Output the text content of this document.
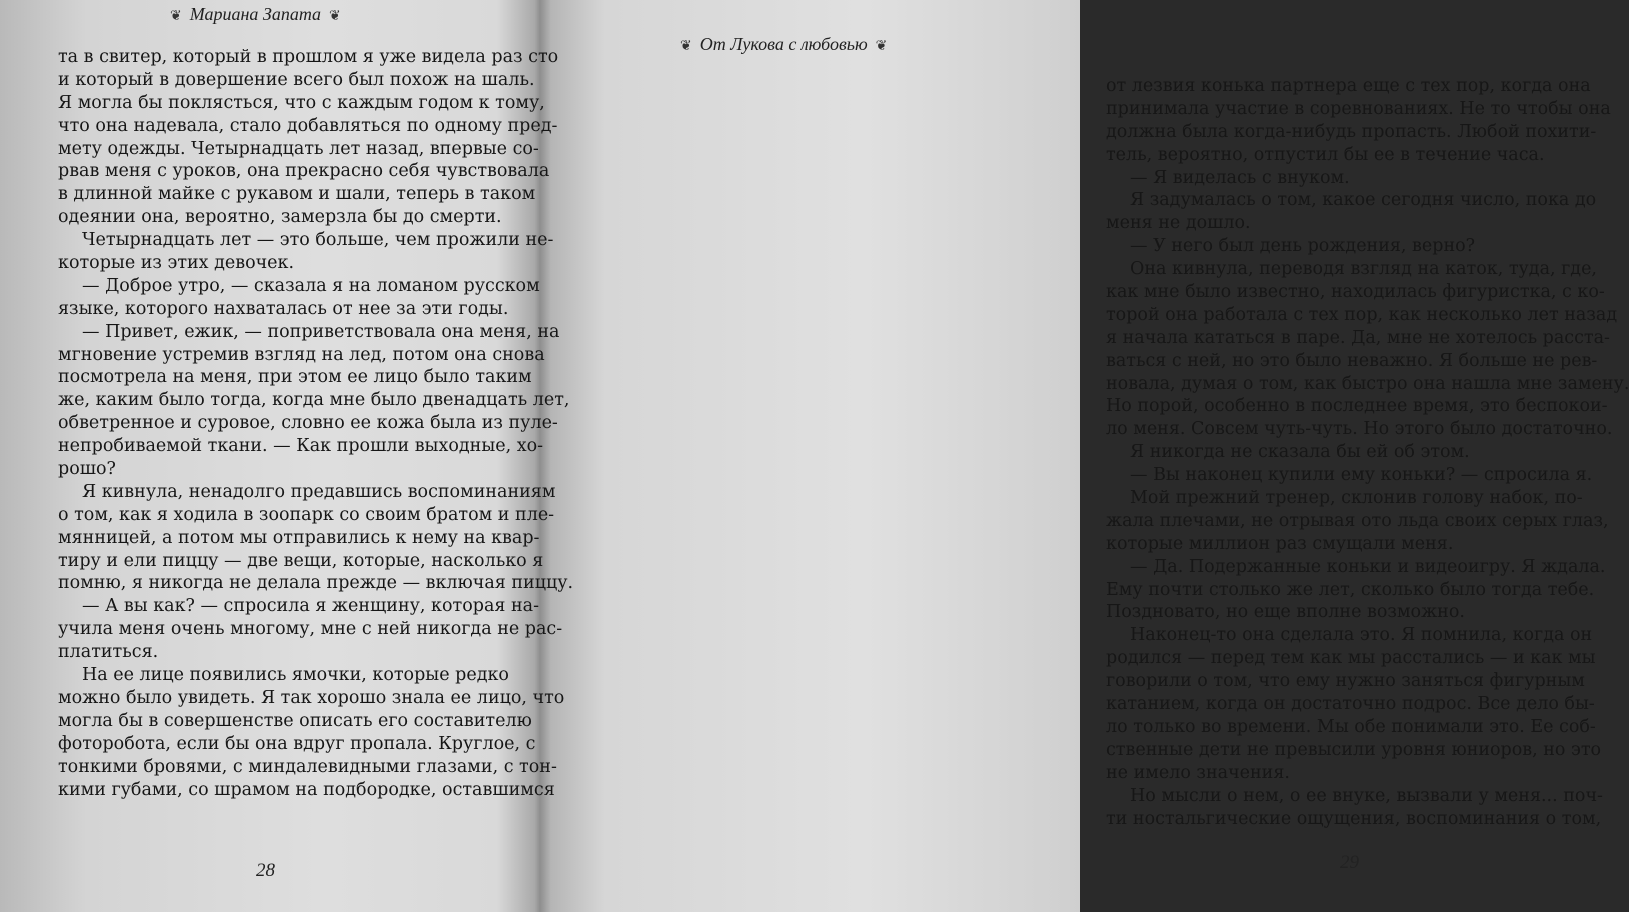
❦ Мариана Запата ❦

та в свитер, который в прошлом я уже видела раз сто

и который в довершение всего был похож на шаль.

Я могла бы поклясться, что с каждым годом к тому,

что она надевала, стало добавляться по одному пред-

мету одежды. Четырнадцать лет назад, впервые со-

рвав меня с уроков, она прекрасно себя чувствовала

в длинной майке с рукавом и шали, теперь в таком

одеянии она, вероятно, замерзла бы до смерти.

Четырнадцать лет — это больше, чем прожили не-

которые из этих девочек.

— Доброе утро, — сказала я на ломаном русском

языке, которого нахваталась от нее за эти годы.

— Привет, ежик, — поприветствовала она меня, на

мгновение устремив взгляд на лед, потом она снова

посмотрела на меня, при этом ее лицо было таким

же, каким было тогда, когда мне было двенадцать лет,

обветренное и суровое, словно ее кожа была из пуле-

непробиваемой ткани. — Как прошли выходные, хо-

рошо?

Я кивнула, ненадолго предавшись воспоминаниям

о том, как я ходила в зоопарк со своим братом и пле-

мянницей, а потом мы отправились к нему на квар-

тиру и ели пиццу — две вещи, которые, насколько я

помню, я никогда не делала прежде — включая пиццу.

— А вы как? — спросила я женщину, которая на-

учила меня очень многому, мне с ней никогда не рас-

платиться.

На ее лице появились ямочки, которые редко

можно было увидеть. Я так хорошо знала ее лицо, что

могла бы в совершенстве описать его составителю

фоторобота, если бы она вдруг пропала. Круглое, с

тонкими бровями, с миндалевидными глазами, с тон-

кими губами, со шрамом на подбородке, оставшимся

28
❦ От Лукова с любовью ❦

от лезвия конька партнера еще с тех пор, когда она

принимала участие в соревнованиях. Не то чтобы она

должна была когда-нибудь пропасть. Любой похити-

тель, вероятно, отпустил бы ее в течение часа.

— Я виделась с внуком.

Я задумалась о том, какое сегодня число, пока до

меня не дошло.

— У него был день рождения, верно?

Она кивнула, переводя взгляд на каток, туда, где,

как мне было известно, находилась фигуристка, с ко-

торой она работала с тех пор, как несколько лет назад

я начала кататься в паре. Да, мне не хотелось расста-

ваться с ней, но это было неважно. Я больше не рев-

новала, думая о том, как быстро она нашла мне замену.

Но порой, особенно в последнее время, это беспокои-

ло меня. Совсем чуть-чуть. Но этого было достаточно.

Я никогда не сказала бы ей об этом.

— Вы наконец купили ему коньки? — спросила я.

Мой прежний тренер, склонив голову набок, по-

жала плечами, не отрывая ото льда своих серых глаз,

которые миллион раз смущали меня.

— Да. Подержанные коньки и видеоигру. Я ждала.

Ему почти столько же лет, сколько было тогда тебе.

Поздновато, но еще вполне возможно.

Наконец-то она сделала это. Я помнила, когда он

родился — перед тем как мы расстались — и как мы

говорили о том, что ему нужно заняться фигурным

катанием, когда он достаточно подрос. Все дело бы-

ло только во времени. Мы обе понимали это. Ее соб-

ственные дети не превысили уровня юниоров, но это

не имело значения.

Но мысли о нем, о ее внуке, вызвали у меня... поч-

ти ностальгические ощущения, воспоминания о том,

29
